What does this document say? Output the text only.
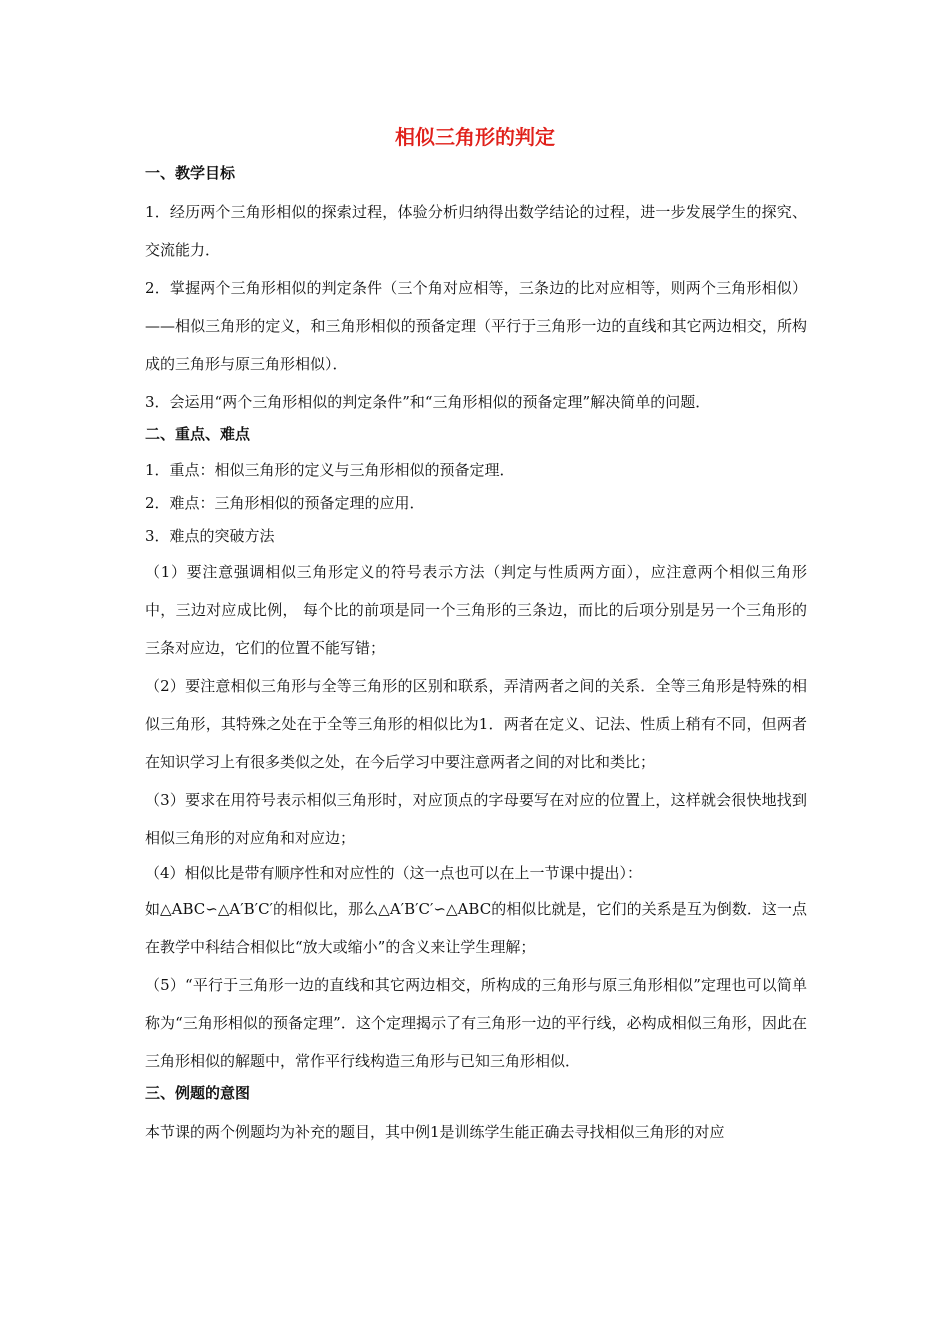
相似三角形的判定
一、教学目标

1．经历两个三角形相似的探索过程，体验分析归纳得出数学结论的过程，进一步发展学生的探究、交流能力．

2．掌握两个三角形相似的判定条件（三个角对应相等，三条边的比对应相等，则两个三角形相似）——相似三角形的定义，和三角形相似的预备定理（平行于三角形一边的直线和其它两边相交，所构成的三角形与原三角形相似）．

3．会运用“两个三角形相似的判定条件”和“三角形相似的预备定理”解决简单的问题．

二、重点、难点

1．重点：相似三角形的定义与三角形相似的预备定理．

2．难点：三角形相似的预备定理的应用．

3．难点的突破方法

（1）要注意强调相似三角形定义的符号表示方法（判定与性质两方面），应注意两个相似三角形中，三边对应成比例， 每个比的前项是同一个三角形的三条边，而比的后项分别是另一个三角形的三条对应边，它们的位置不能写错；

（2）要注意相似三角形与全等三角形的区别和联系，弄清两者之间的关系．全等三角形是特殊的相似三角形，其特殊之处在于全等三角形的相似比为1．两者在定义、记法、性质上稍有不同，但两者在知识学习上有很多类似之处，在今后学习中要注意两者之间的对比和类比；

（3）要求在用符号表示相似三角形时，对应顶点的字母要写在对应的位置上，这样就会很快地找到相似三角形的对应角和对应边；

（4）相似比是带有顺序性和对应性的（这一点也可以在上一节课中提出）：

如△ABC∽△A′B′C′的相似比，那么△A′B′C′∽△ABC的相似比就是，它们的关系是互为倒数．这一点在教学中科结合相似比“放大或缩小”的含义来让学生理解；

（5）“平行于三角形一边的直线和其它两边相交，所构成的三角形与原三角形相似”定理也可以简单称为“三角形相似的预备定理”．这个定理揭示了有三角形一边的平行线，必构成相似三角形，因此在三角形相似的解题中，常作平行线构造三角形与已知三角形相似．

三、例题的意图

本节课的两个例题均为补充的题目，其中例1是训练学生能正确去寻找相似三角形的对应
